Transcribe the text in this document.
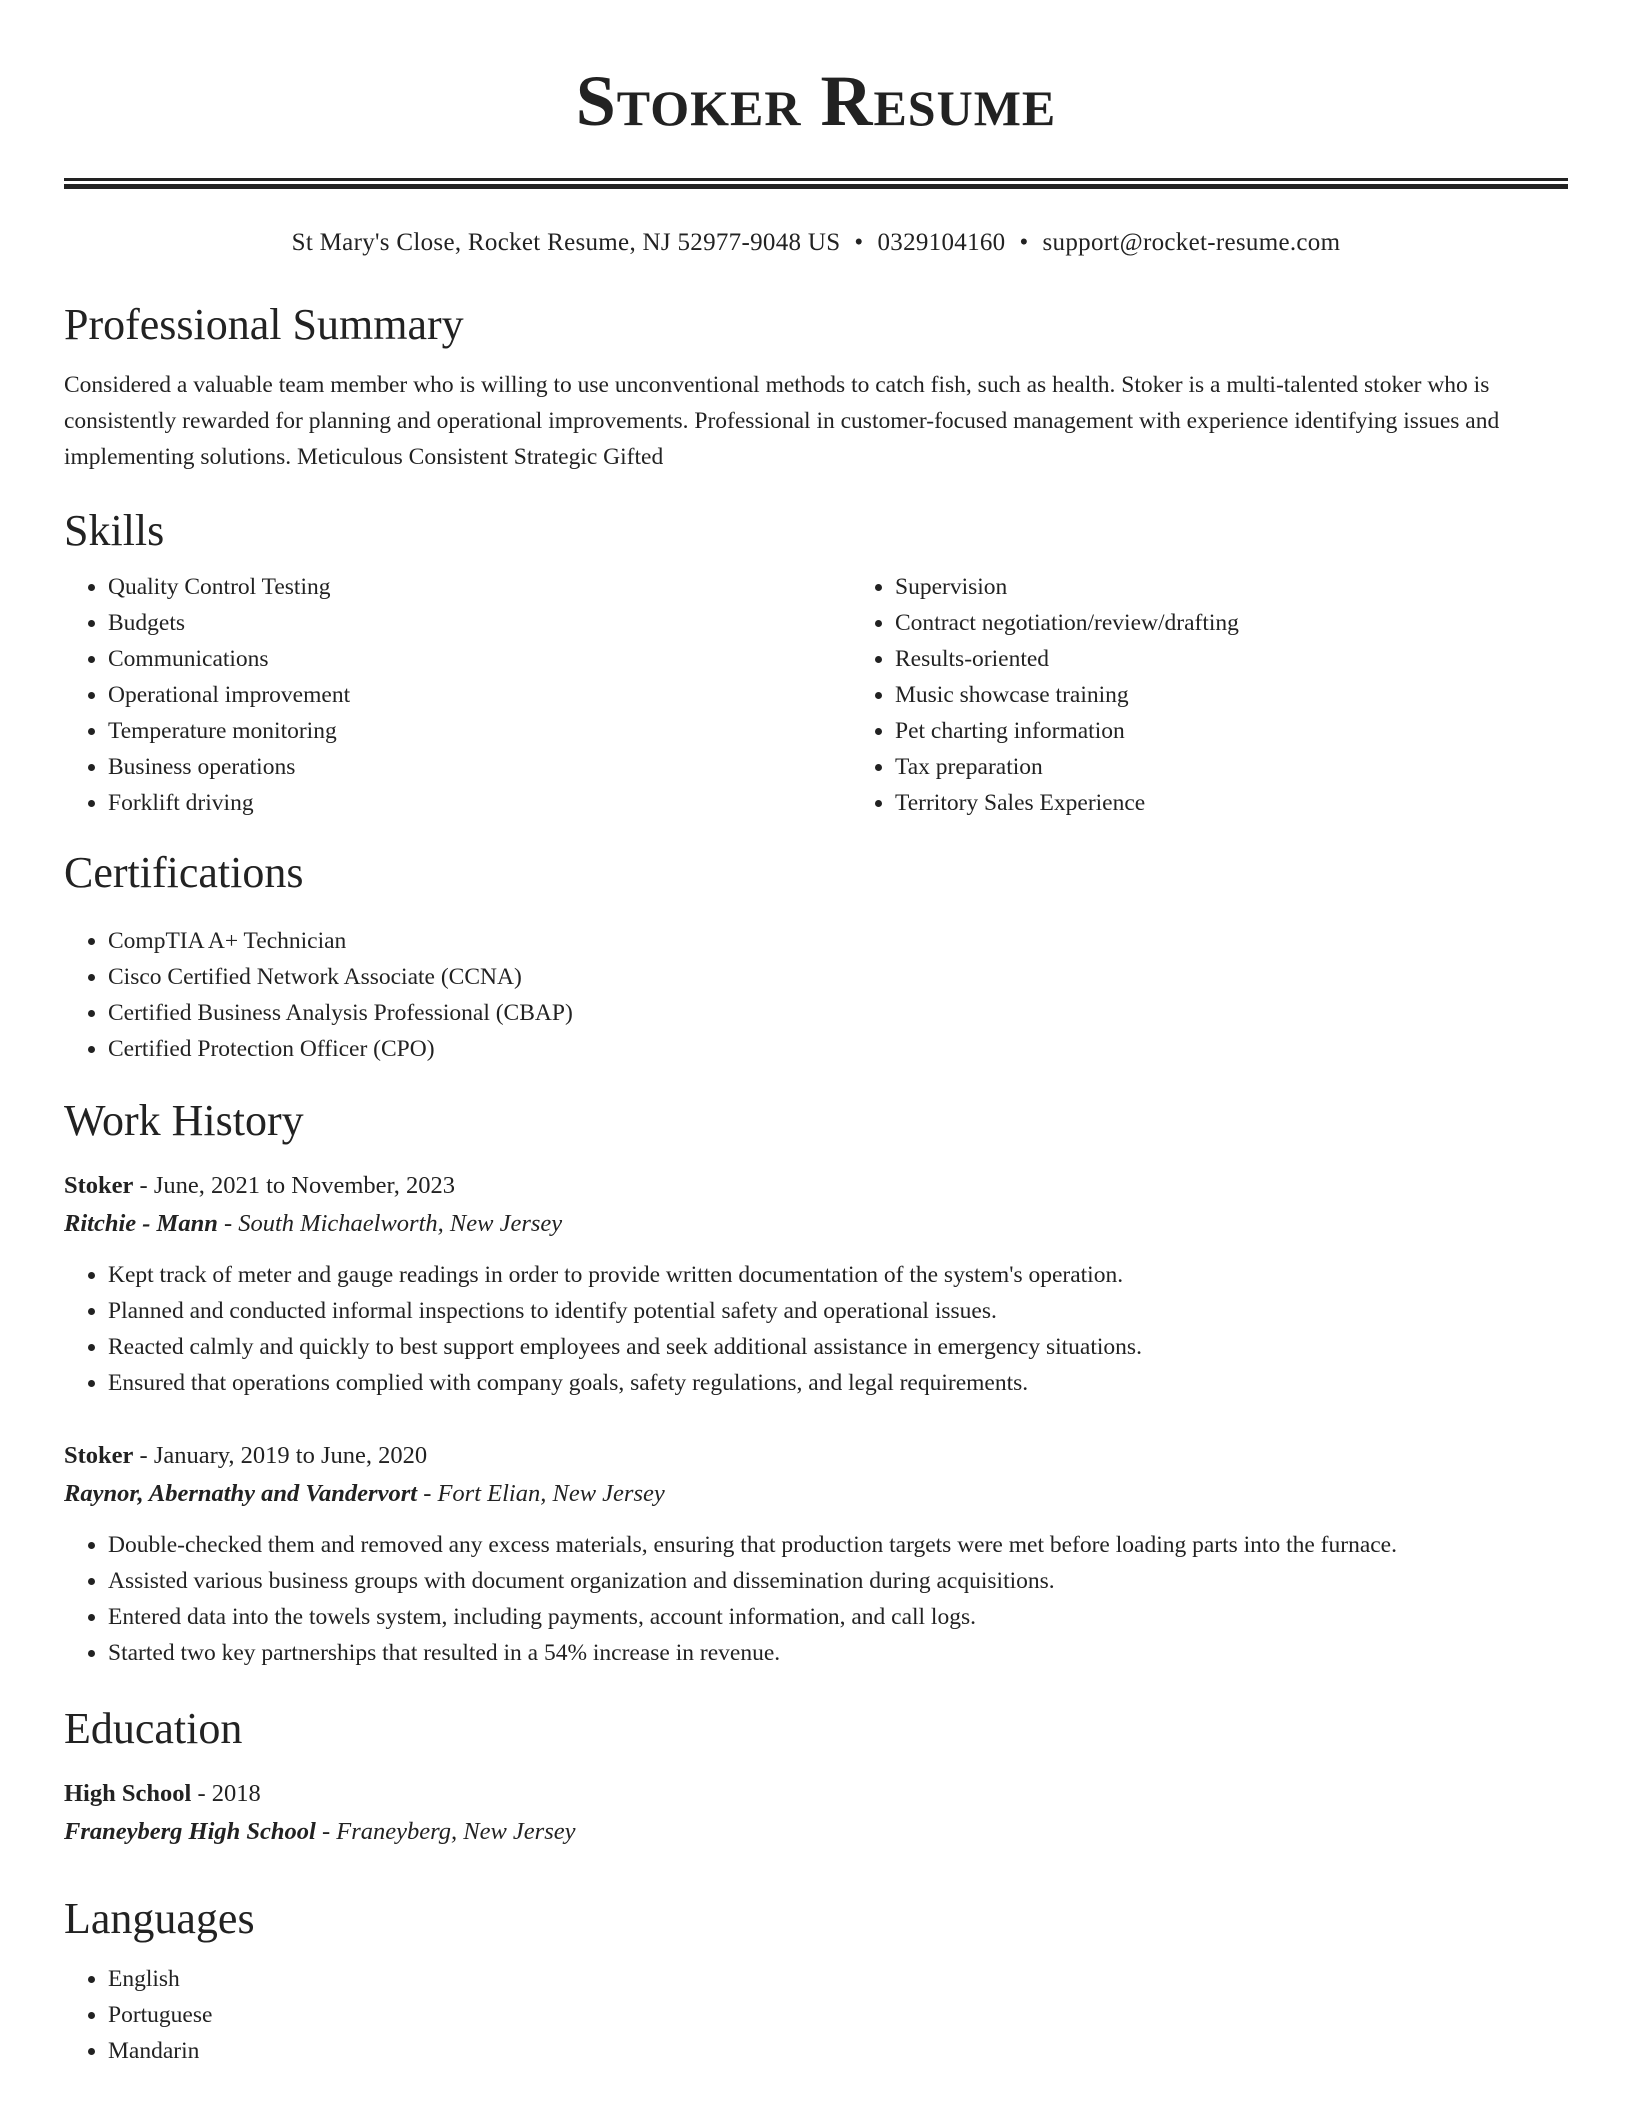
Stoker Resume
St Mary's Close, Rocket Resume, NJ 52977-9048 US • 0329104160 • support@rocket-resume.com
Professional Summary
Considered a valuable team member who is willing to use unconventional methods to catch fish, such as health. Stoker is a multi-talented stoker who is consistently rewarded for planning and operational improvements. Professional in customer-focused management with experience identifying issues and implementing solutions. Meticulous Consistent Strategic Gifted
Skills
• Quality Control Testing
• Budgets
• Communications
• Operational improvement
• Temperature monitoring
• Business operations
• Forklift driving
• Supervision
• Contract negotiation/review/drafting
• Results-oriented
• Music showcase training
• Pet charting information
• Tax preparation
• Territory Sales Experience
Certifications
• CompTIA A+ Technician
• Cisco Certified Network Associate (CCNA)
• Certified Business Analysis Professional (CBAP)
• Certified Protection Officer (CPO)
Work History
Stoker - June, 2021 to November, 2023
Ritchie - Mann - South Michaelworth, New Jersey
• Kept track of meter and gauge readings in order to provide written documentation of the system's operation.
• Planned and conducted informal inspections to identify potential safety and operational issues.
• Reacted calmly and quickly to best support employees and seek additional assistance in emergency situations.
• Ensured that operations complied with company goals, safety regulations, and legal requirements.
Stoker - January, 2019 to June, 2020
Raynor, Abernathy and Vandervort - Fort Elian, New Jersey
• Double-checked them and removed any excess materials, ensuring that production targets were met before loading parts into the furnace.
• Assisted various business groups with document organization and dissemination during acquisitions.
• Entered data into the towels system, including payments, account information, and call logs.
• Started two key partnerships that resulted in a 54% increase in revenue.
Education
High School - 2018
Franeyberg High School - Franeyberg, New Jersey
Languages
• English
• Portuguese
• Mandarin
